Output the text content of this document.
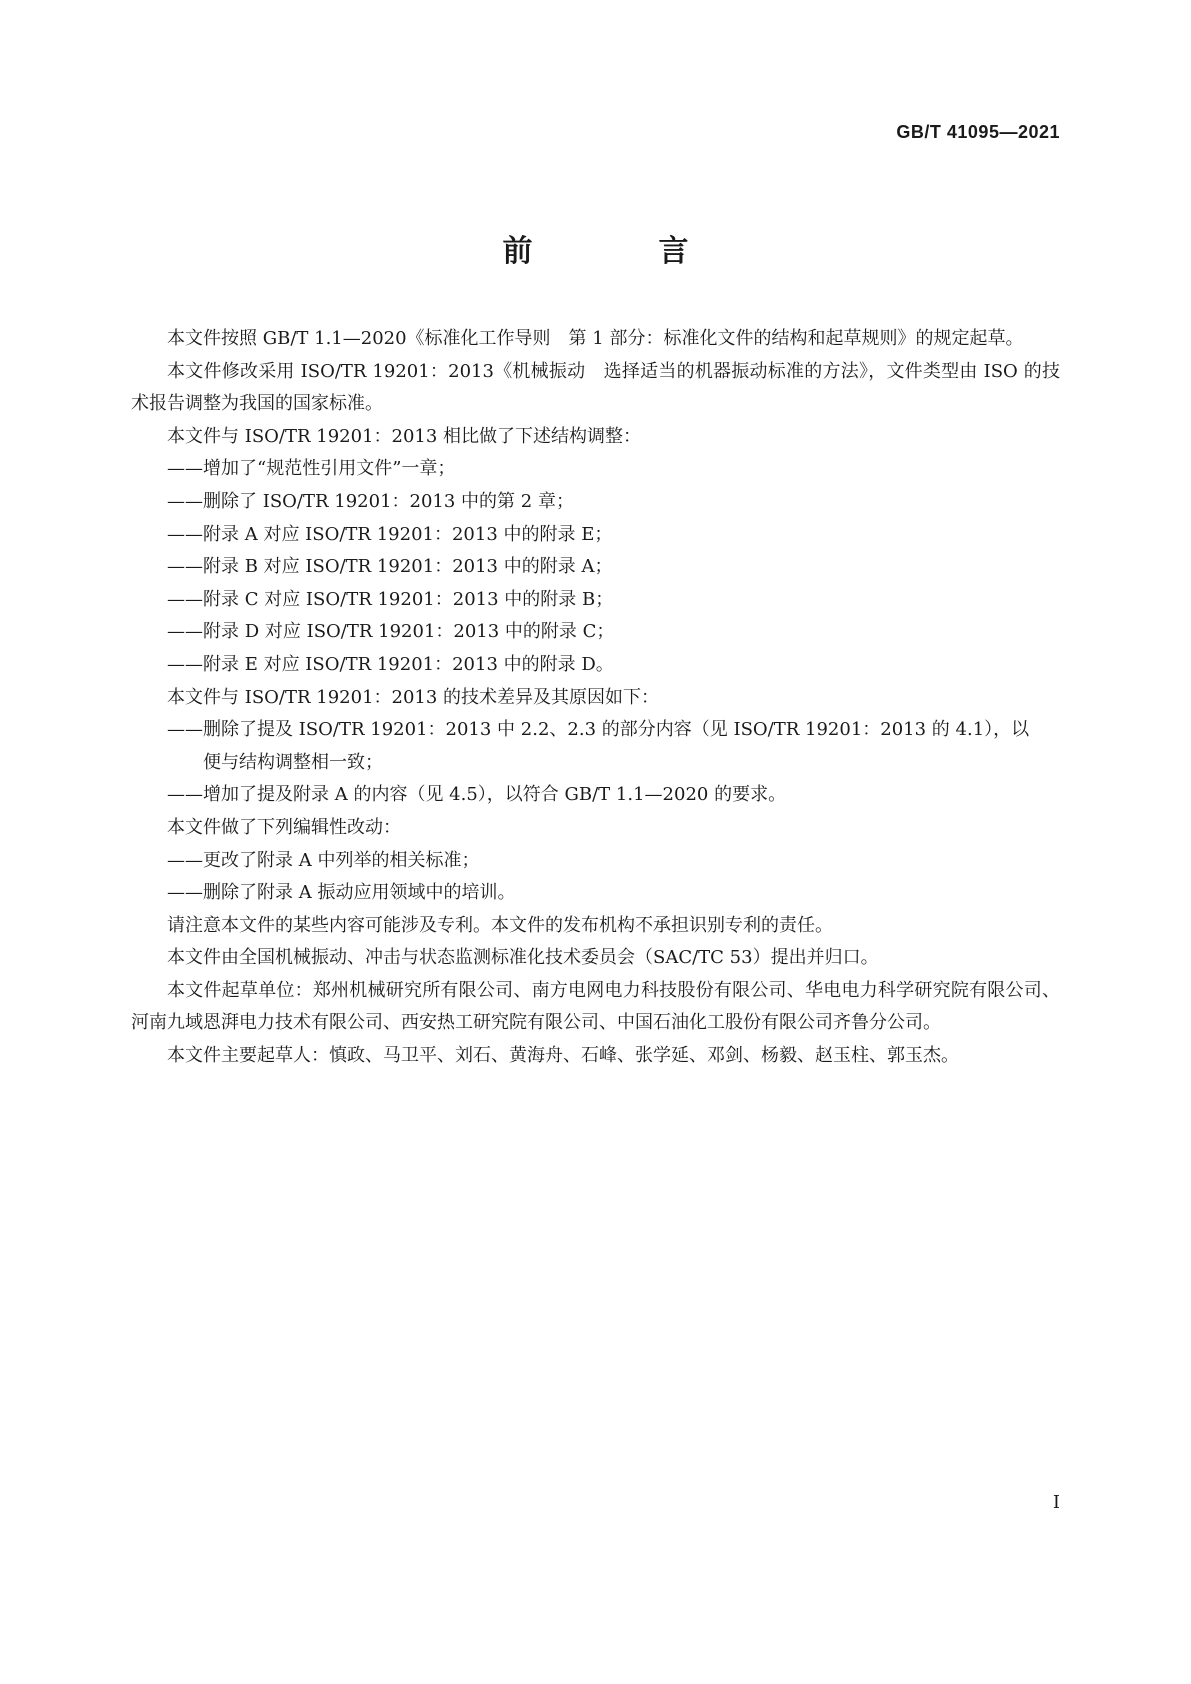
GB/T 41095—2021
前　言

本文件按照 GB/T 1.1—2020《标准化工作导则　第 1 部分：标准化文件的结构和起草规则》的规定起草。

本文件修改采用 ISO/TR 19201：2013《机械振动　选择适当的机器振动标准的方法》，文件类型由 ISO 的技术报告调整为我国的国家标准。

本文件与 ISO/TR 19201：2013 相比做了下述结构调整：

——增加了“规范性引用文件”一章；

——删除了 ISO/TR 19201：2013 中的第 2 章；

——附录 A 对应 ISO/TR 19201：2013 中的附录 E；

——附录 B 对应 ISO/TR 19201：2013 中的附录 A；

——附录 C 对应 ISO/TR 19201：2013 中的附录 B；

——附录 D 对应 ISO/TR 19201：2013 中的附录 C；

——附录 E 对应 ISO/TR 19201：2013 中的附录 D。

本文件与 ISO/TR 19201：2013 的技术差异及其原因如下：

——删除了提及 ISO/TR 19201：2013 中 2.2、2.3 的部分内容（见 ISO/TR 19201：2013 的 4.1），以
便与结构调整相一致；

——增加了提及附录 A 的内容（见 4.5），以符合 GB/T 1.1—2020 的要求。

本文件做了下列编辑性改动：

——更改了附录 A 中列举的相关标准；

——删除了附录 A 振动应用领域中的培训。

请注意本文件的某些内容可能涉及专利。本文件的发布机构不承担识别专利的责任。

本文件由全国机械振动、冲击与状态监测标准化技术委员会（SAC/TC 53）提出并归口。

本文件起草单位：郑州机械研究所有限公司、南方电网电力科技股份有限公司、华电电力科学研究院有限公司、河南九域恩湃电力技术有限公司、西安热工研究院有限公司、中国石油化工股份有限公司齐鲁分公司。

本文件主要起草人：慎政、马卫平、刘石、黄海舟、石峰、张学延、邓剑、杨毅、赵玉柱、郭玉杰。

I
